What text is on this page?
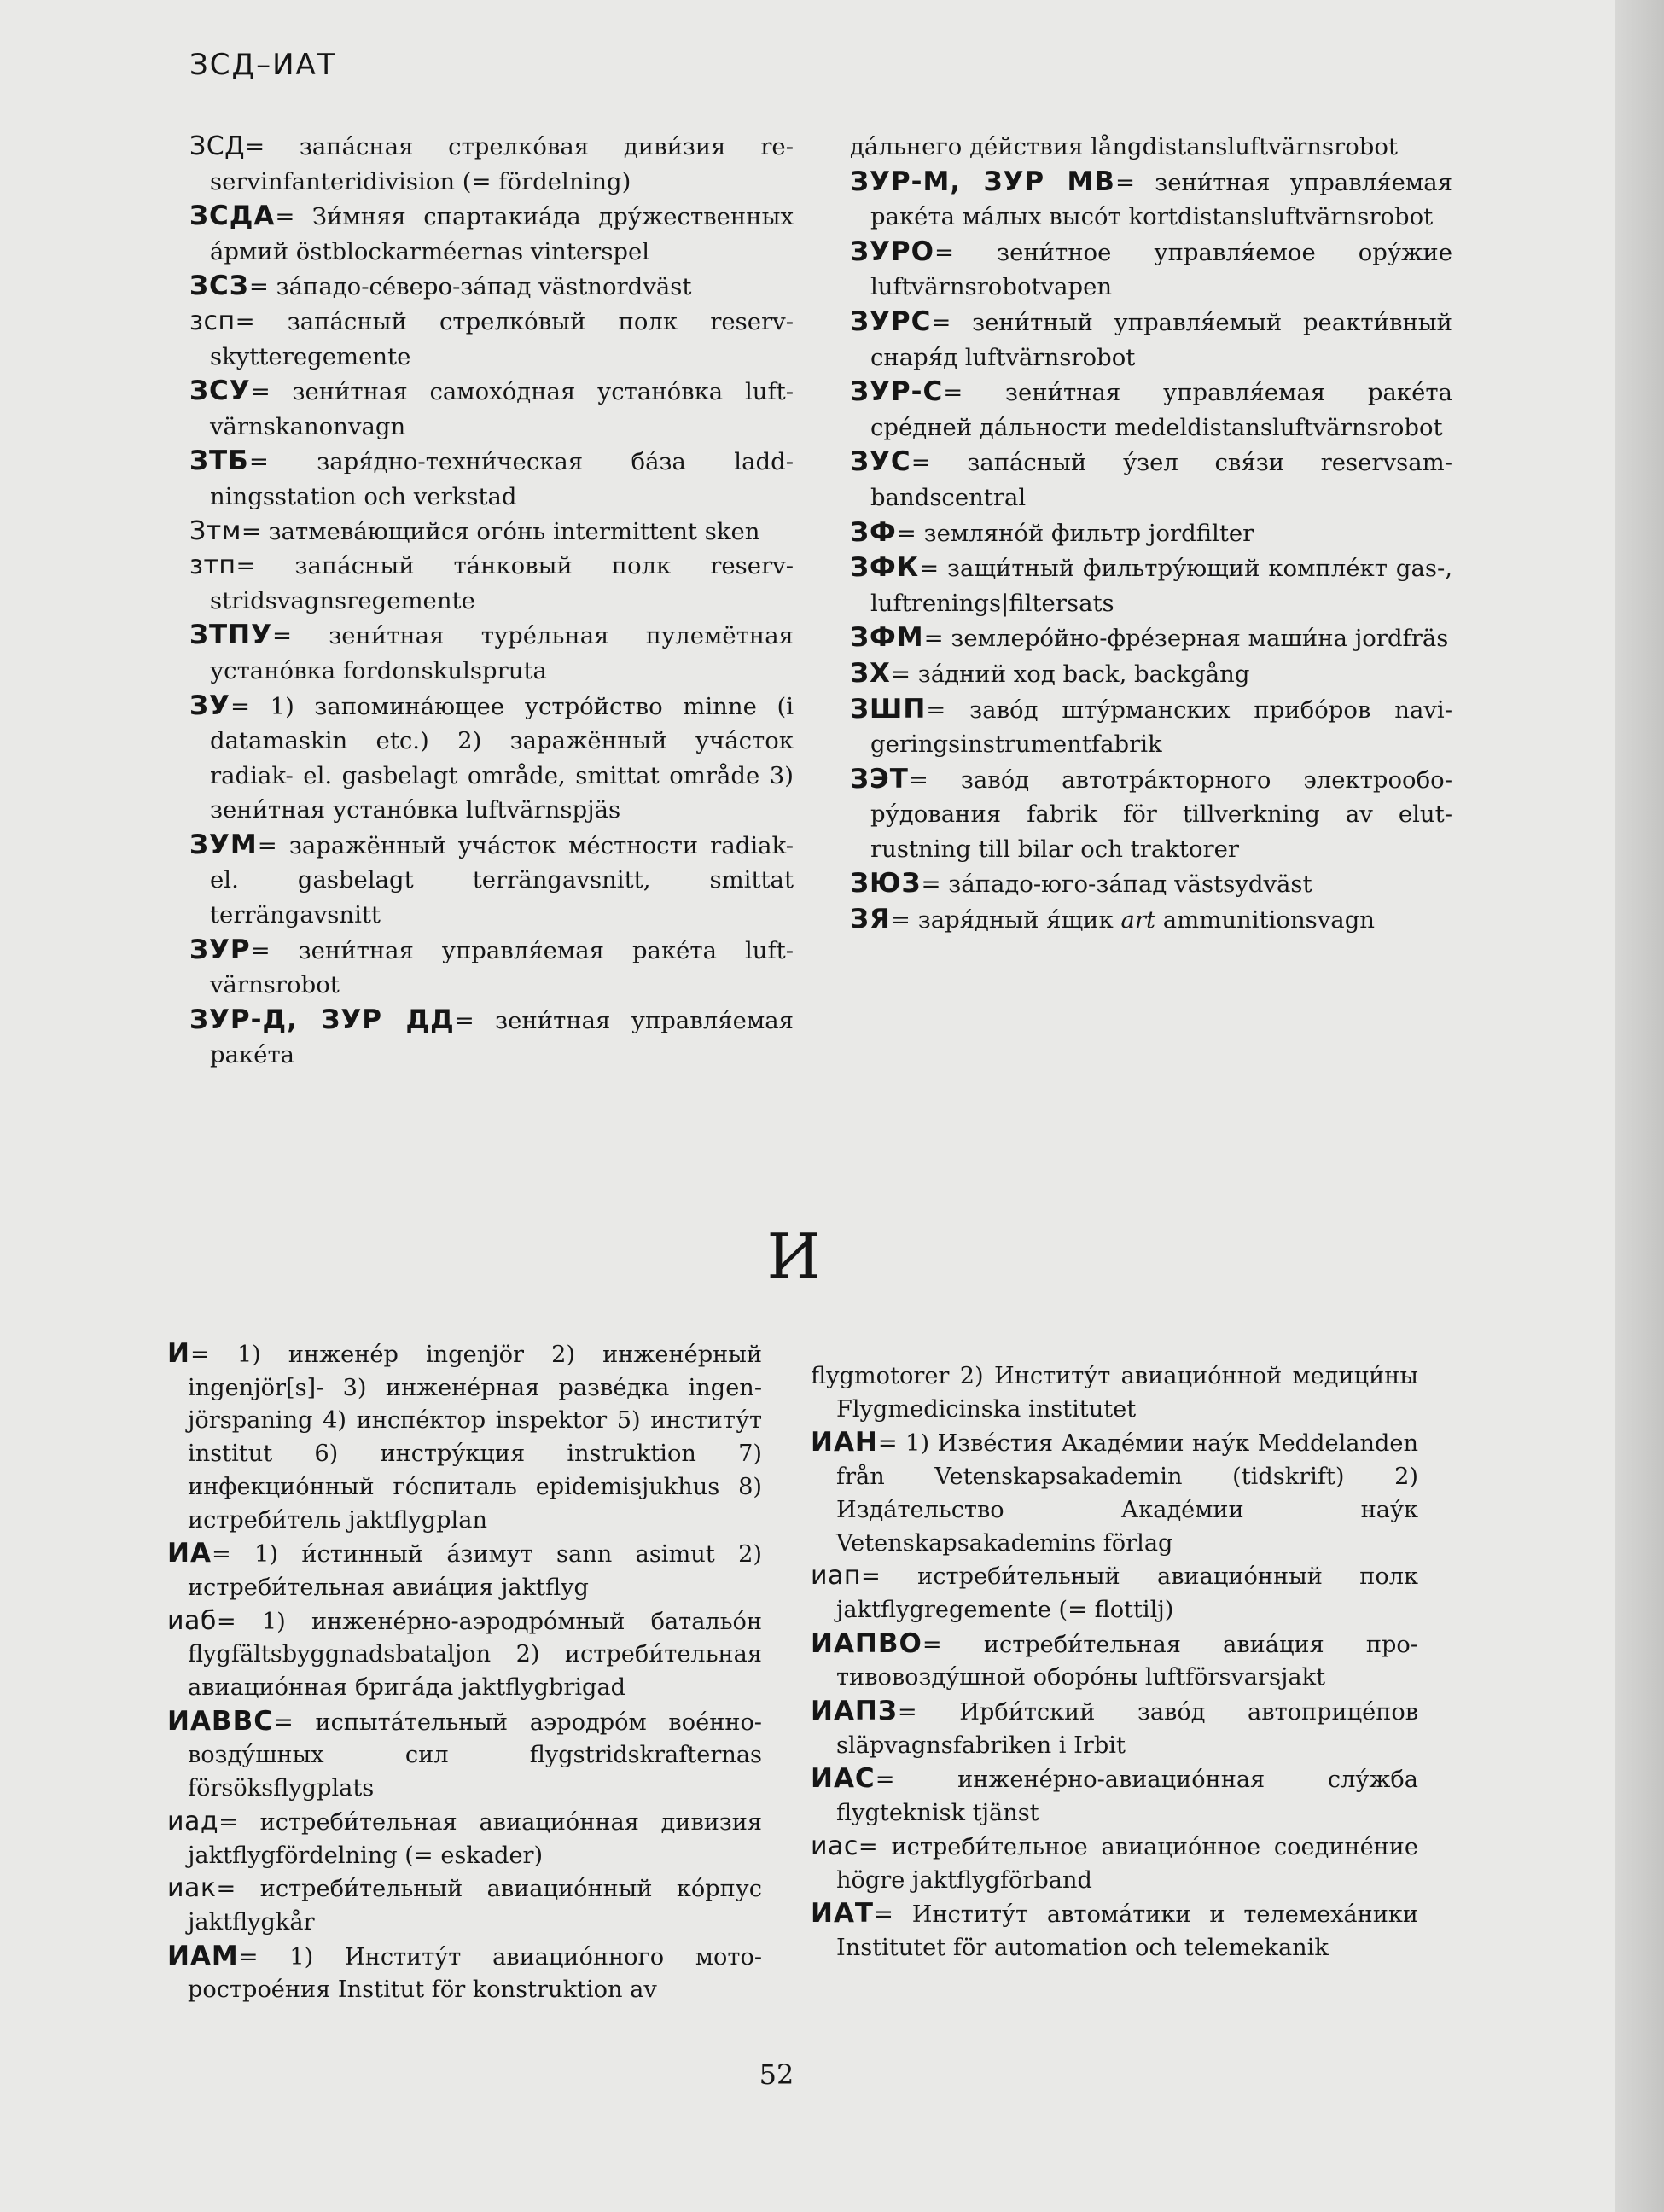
ЗСД–ИАТ
ЗСД= запа́сная стрелко́вая диви́зия reservinfanteridivision (= fördelning)
ЗСДА= Зи́мняя спартакиа́да дру́жественных а́рмий östblockarméernas vinterspel
ЗСЗ= за́падо-се́веро-за́пад västnordväst
зсп= запа́сный стрелко́вый полк reservskytteregemente
ЗСУ= зени́тная самохо́дная устано́вка luftvärnskanonvagn
ЗТБ= заря́дно-техни́ческая ба́за laddningsstation och verkstad
Зтм= затмева́ющийся ого́нь intermittent sken
зтп= запа́сный та́нковый полк reservstridsvagnsregemente
ЗТПУ= зени́тная туре́льная пулемётная устано́вка fordonskulspruta
ЗУ= 1) запомина́ющее устро́йство minne (i datamaskin etc.) 2) заражённый уча́сток radiak- el. gasbelagt område, smittat område 3) зени́тная устано́вка luftvärnspjäs
ЗУМ= заражённый уча́сток ме́стности radiak- el. gasbelagt terrängavsnitt, smittat terrängavsnitt
ЗУР= зени́тная управля́емая ракéта luftvärnsrobot
ЗУР-Д, ЗУР ДД= зени́тная управля́емая раке́та
да́льнего де́йствия långdistansluftvärnsrobot
ЗУР-М, ЗУР МВ= зени́тная управля́емая раке́та ма́лых высо́т kortdistansluftvärnsrobot
ЗУРО= зени́тное управля́емое ору́жие luftvärnsrobotvapen
ЗУРС= зени́тный управля́емый реакти́вный снаря́д luftvärnsrobot
ЗУР-С= зени́тная управля́емая раке́та сре́дней да́льности medeldistansluftvärnsrobot
ЗУС= запа́сный у́зел свя́зи reservsambandscentral
ЗФ= землянóй фильтр jordfilter
ЗФК= защи́тный фильтру́ющий компле́кт gas-, luftrenings|filtersats
ЗФМ= землеро́йно-фре́зерная маши́на jordfräs
ЗХ= за́дний ход back, backgång
ЗШП= заво́д шту́рманских прибо́ров navigeringsinstrumentfabrik
ЗЭТ= заво́д автотра́кторного электрообору́дования fabrik för tillverkning av elutrustning till bilar och traktorer
ЗЮЗ= за́падо-юго-за́пад västsydväst
ЗЯ= заря́дный я́щик art ammunitionsvagn
И
И= 1) инжене́р ingenjör 2) инжене́рный ingenjör[s]- 3) инжене́рная разве́дка ingenjörspaning 4) инспе́ктор inspektor 5) институ́т institut 6) инстру́кция instruktion 7) инфекцио́нный го́спиталь epidemisjukhus 8) истреби́тель jaktflygplan
ИА= 1) и́стинный а́зимут sann asimut 2) истреби́тельная авиа́ция jaktflyg
иаб= 1) инжене́рно-аэродро́мный батальо́н flygfältsbyggnadsbataljon 2) истреби́тельная авиацио́нная брига́да jaktflygbrigad
ИАВВС= испыта́тельный аэродро́м вое́нно-возду́шных сил flygstridskrafternas försöksflygplats
иад= истреби́тельная авиацио́нная дивизия jaktflygfördelning (= eskader)
иак= истреби́тельный авиацио́нный ко́рпус jaktflygkår
ИАМ= 1) Институ́т авиацио́нного моторостроéния Institut för konstruktion av
flygmotorer 2) Институ́т авиацио́нной медици́ны Flygmedicinska institutet
ИАН= 1) Изве́стия Акаде́мии нау́к Meddelanden från Vetenskapsakademin (tidskrift) 2) Изда́тельство Акаде́мии нау́к Vetenskapsakademins förlag
иап= истреби́тельный авиацио́нный полк jaktflygregemente (= flottilj)
ИАПВО= истреби́тельная авиа́ция противовозду́шной оборо́ны luftförsvarsjakt
ИАПЗ= Ирби́тский заво́д автоприце́пов släpvagnsfabriken i Irbit
ИАС= инжене́рно-авиацио́нная слу́жба flygteknisk tjänst
иас= истреби́тельное авиацио́нное соедине́ние högre jaktflygförband
ИАТ= Институ́т автома́тики и телемеха́ники Institutet för automation och telemekanik
52
